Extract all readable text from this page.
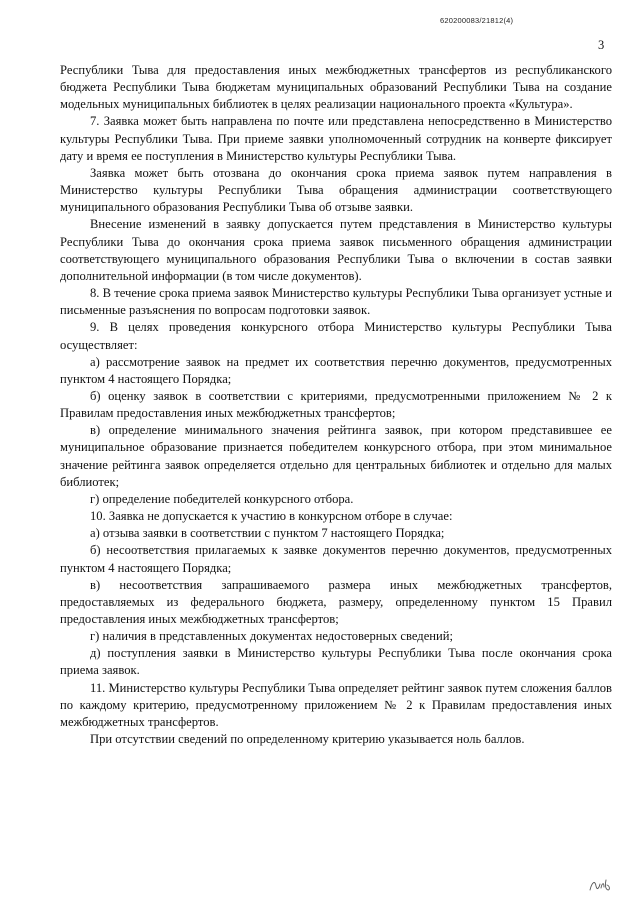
620200083/21812(4)
3

Республики Тыва для предоставления иных межбюджетных трансфертов из республиканского бюджета Республики Тыва бюджетам муниципальных образований Республики Тыва на создание модельных муниципальных библиотек в целях реализации национального проекта «Культура».

7. Заявка может быть направлена по почте или представлена непосредственно в Министерство культуры Республики Тыва. При приеме заявки уполномоченный сотрудник на конверте фиксирует дату и время ее поступления в Министерство культуры Республики Тыва.

Заявка может быть отозвана до окончания срока приема заявок путем направления в Министерство культуры Республики Тыва обращения администрации соответствующего муниципального образования Республики Тыва об отзыве заявки.

Внесение изменений в заявку допускается путем представления в Министерство культуры Республики Тыва до окончания срока приема заявок письменного обращения администрации соответствующего муниципального образования Республики Тыва о включении в состав заявки дополнительной информации (в том числе документов).

8. В течение срока приема заявок Министерство культуры Республики Тыва организует устные и письменные разъяснения по вопросам подготовки заявок.

9. В целях проведения конкурсного отбора Министерство культуры Республики Тыва осуществляет:

а) рассмотрение заявок на предмет их соответствия перечню документов, предусмотренных пунктом 4 настоящего Порядка;

б) оценку заявок в соответствии с критериями, предусмотренными приложением № 2 к Правилам предоставления иных межбюджетных трансфертов;

в) определение минимального значения рейтинга заявок, при котором представившее ее муниципальное образование признается победителем конкурсного отбора, при этом минимальное значение рейтинга заявок определяется отдельно для центральных библиотек и отдельно для малых библиотек;

г) определение победителей конкурсного отбора.

10. Заявка не допускается к участию в конкурсном отборе в случае:

а) отзыва заявки в соответствии с пунктом 7 настоящего Порядка;

б) несоответствия прилагаемых к заявке документов перечню документов, предусмотренных пунктом 4 настоящего Порядка;

в) несоответствия запрашиваемого размера иных межбюджетных трансфертов, предоставляемых из федерального бюджета, размеру, определенному пунктом 15 Правил предоставления иных межбюджетных трансфертов;

г) наличия в представленных документах недостоверных сведений;

д) поступления заявки в Министерство культуры Республики Тыва после окончания срока приема заявок.

11. Министерство культуры Республики Тыва определяет рейтинг заявок путем сложения баллов по каждому критерию, предусмотренному приложением № 2 к Правилам предоставления иных межбюджетных трансфертов.

При отсутствии сведений по определенному критерию указывается ноль баллов.
